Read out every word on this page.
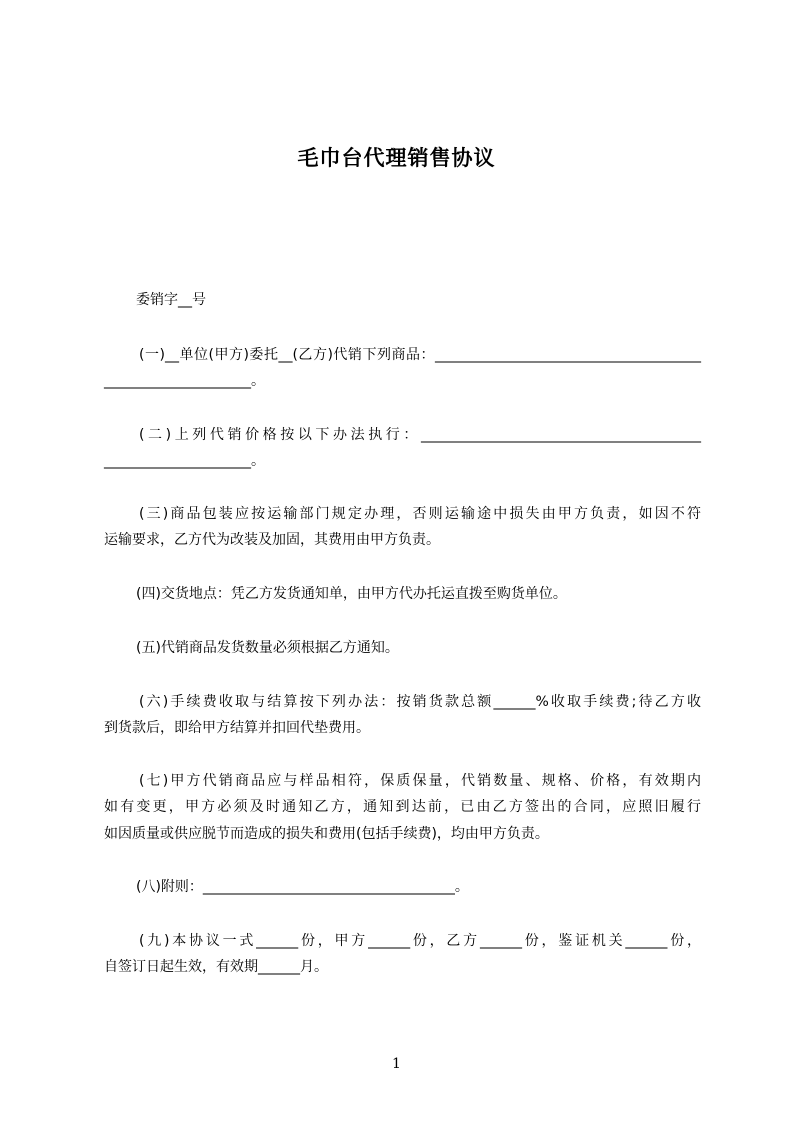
毛巾台代理销售协议
委销字__号
(一)__单位(甲方)委托__(乙方)代销下列商品：______________________________________
_____________________。
(二)上列代销价格按以下办法执行：________________________________________
_____________________。
(三)商品包装应按运输部门规定办理，否则运输途中损失由甲方负责，如因不符
运输要求，乙方代为改装及加固，其费用由甲方负责。
(四)交货地点：凭乙方发货通知单，由甲方代办托运直拨至购货单位。
(五)代销商品发货数量必须根据乙方通知。
(六)手续费收取与结算按下列办法：按销货款总额______%收取手续费;待乙方收
到货款后，即给甲方结算并扣回代垫费用。
(七)甲方代销商品应与样品相符，保质保量，代销数量、规格、价格，有效期内
如有变更，甲方必须及时通知乙方，通知到达前，已由乙方签出的合同，应照旧履行
如因质量或供应脱节而造成的损失和费用(包括手续费)，均由甲方负责。
(八)附则：____________________________________。
(九)本协议一式______份，甲方______份，乙方______份，鉴证机关______份，
自签订日起生效，有效期______月。
1
